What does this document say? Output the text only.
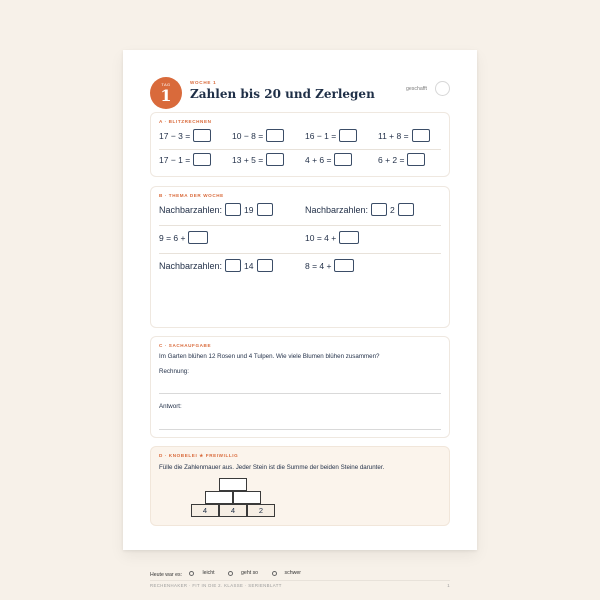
TAG
1
WOCHE 1
Zahlen bis 20 und Zerlegen	geschafft
A · BLITZRECHNEN
17 − 3 =	10 − 8 =	16 − 1 =	11 + 8 =
17 − 1 =	13 + 5 =	4 + 6 =	6 + 2 =
B · THEMA DER WOCHE
Nachbarzahlen:	19	Nachbarzahlen:	2
9 = 6 +	10 = 4 +
Nachbarzahlen:	14	8 = 4 +
C · SACHAUFGABE
Im Garten blühen 12 Rosen und 4 Tulpen. Wie viele Blumen blühen zusammen?
Rechnung:
Antwort:
D · KNOBELEI ★ FREIWILLIG
Fülle die Zahlenmauer aus. Jeder Stein ist die Summe der beiden Steine darunter.
4	4	2
Heute war es:	leicht
	geht so
	schwer
RECHENHAKER · FIT IN DIE 2. KLASSE · SERIENBLATT	1
